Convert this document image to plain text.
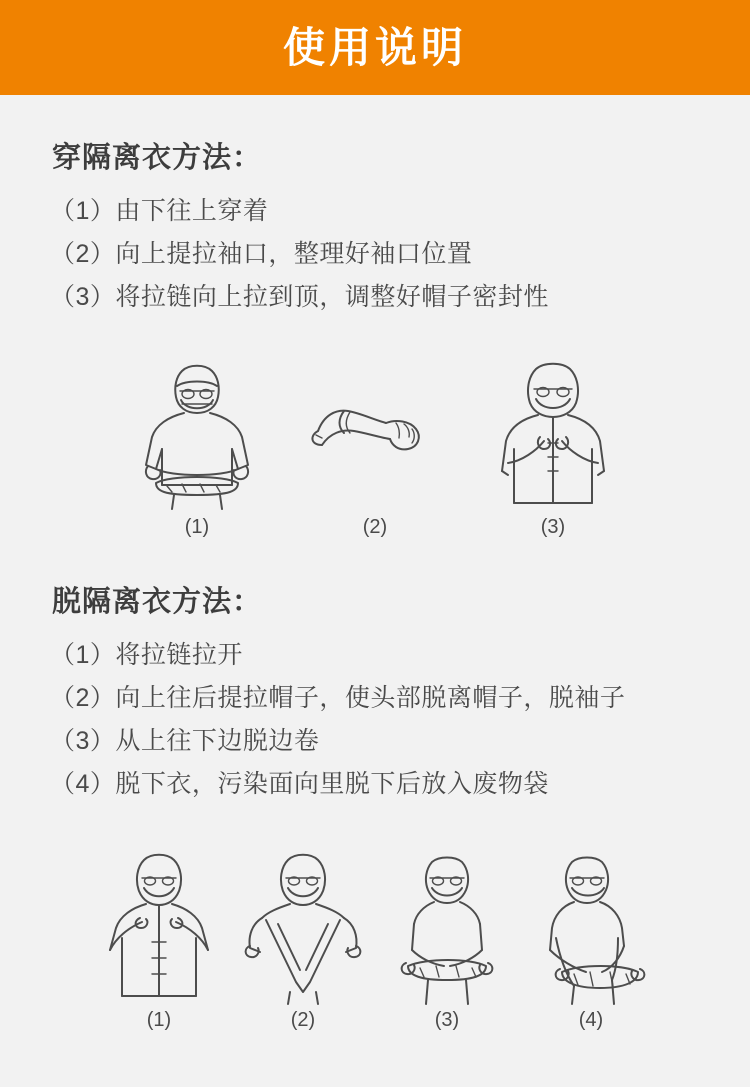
使用说明
穿隔离衣方法：
（1）由下往上穿着
（2）向上提拉袖口，整理好袖口位置
（3）将拉链向上拉到顶，调整好帽子密封性
(1)	(2)	(3)
脱隔离衣方法：
（1）将拉链拉开
（2）向上往后提拉帽子，使头部脱离帽子，脱袖子
（3）从上往下边脱边卷
（4）脱下衣，污染面向里脱下后放入废物袋
(1)	(2)	(3)	(4)
